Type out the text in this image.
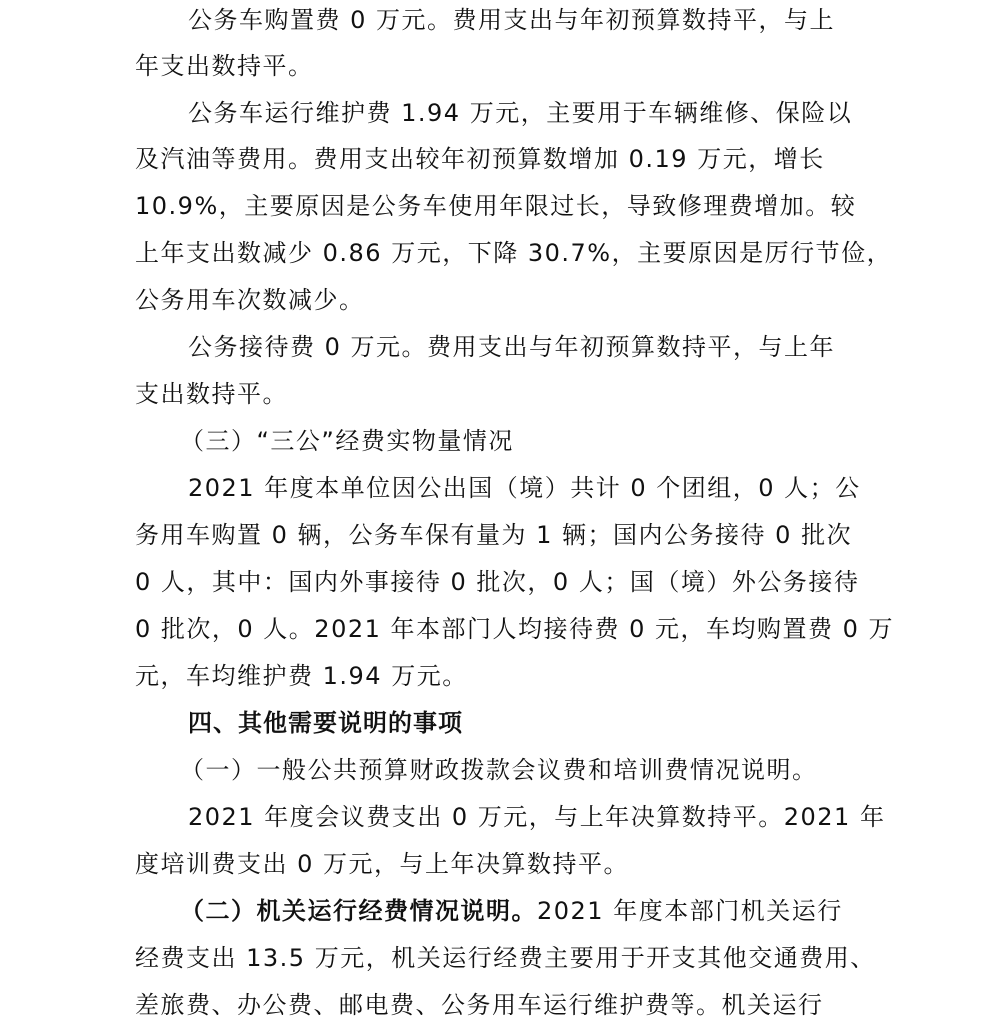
公务车购置费 0 万元。费用支出与年初预算数持平，与上
年支出数持平。
公务车运行维护费 1.94 万元，主要用于车辆维修、保险以
及汽油等费用。费用支出较年初预算数增加 0.19 万元，增长
10.9%，主要原因是公务车使用年限过长，导致修理费增加。较
上年支出数减少 0.86 万元，下降 30.7%，主要原因是厉行节俭，
公务用车次数减少。
公务接待费 0 万元。费用支出与年初预算数持平，与上年
支出数持平。
（三）“三公”经费实物量情况
2021 年度本单位因公出国（境）共计 0 个团组，0 人；公
务用车购置 0 辆，公务车保有量为 1 辆；国内公务接待 0 批次
0 人，其中：国内外事接待 0 批次，0 人；国（境）外公务接待
0 批次，0 人。2021 年本部门人均接待费 0 元，车均购置费 0 万
元，车均维护费 1.94 万元。
四、其他需要说明的事项
（一）一般公共预算财政拨款会议费和培训费情况说明。
2021 年度会议费支出 0 万元，与上年决算数持平。2021 年
度培训费支出 0 万元，与上年决算数持平。
（二）机关运行经费情况说明。2021 年度本部门机关运行
经费支出 13.5 万元，机关运行经费主要用于开支其他交通费用、
差旅费、办公费、邮电费、公务用车运行维护费等。机关运行
